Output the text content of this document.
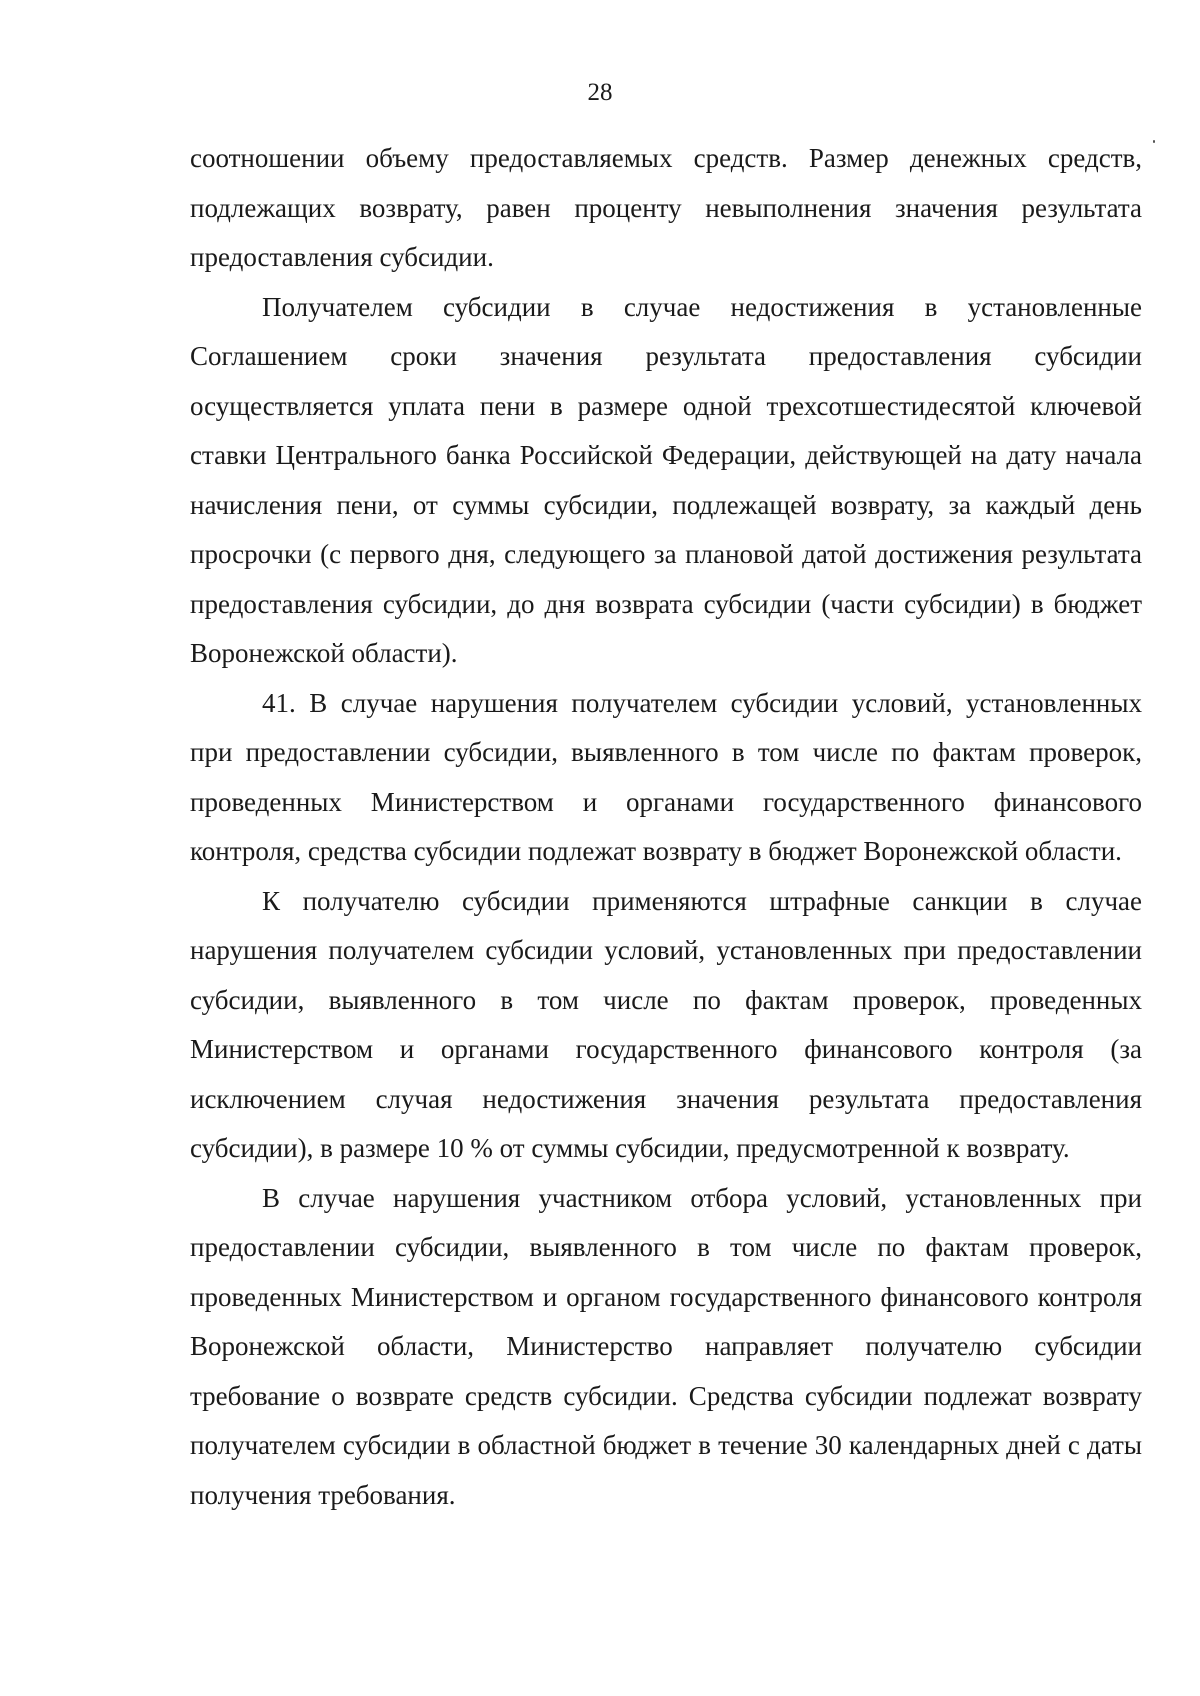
28

соотношении объему предоставляемых средств. Размер денежных средств, подлежащих возврату, равен проценту невыполнения значения результата предоставления субсидии.

Получателем субсидии в случае недостижения в установленные Соглашением сроки значения результата предоставления субсидии осуществляется уплата пени в размере одной трехсотшестидесятой ключевой ставки Центрального банка Российской Федерации, действующей на дату начала начисления пени, от суммы субсидии, подлежащей возврату, за каждый день просрочки (с первого дня, следующего за плановой датой достижения результата предоставления субсидии, до дня возврата субсидии (части субсидии) в бюджет Воронежской области).

41. В случае нарушения получателем субсидии условий, установленных при предоставлении субсидии, выявленного в том числе по фактам проверок, проведенных Министерством и органами государственного финансового контроля, средства субсидии подлежат возврату в бюджет Воронежской области.

К получателю субсидии применяются штрафные санкции в случае нарушения получателем субсидии условий, установленных при предоставлении субсидии, выявленного в том числе по фактам проверок, проведенных Министерством и органами государственного финансового контроля (за исключением случая недостижения значения результата предоставления субсидии), в размере 10 % от суммы субсидии, предусмотренной к возврату.

В случае нарушения участником отбора условий, установленных при предоставлении субсидии, выявленного в том числе по фактам проверок, проведенных Министерством и органом государственного финансового контроля Воронежской области, Министерство направляет получателю субсидии требование о возврате средств субсидии. Средства субсидии подлежат возврату получателем субсидии в областной бюджет в течение 30 календарных дней с даты получения требования.
